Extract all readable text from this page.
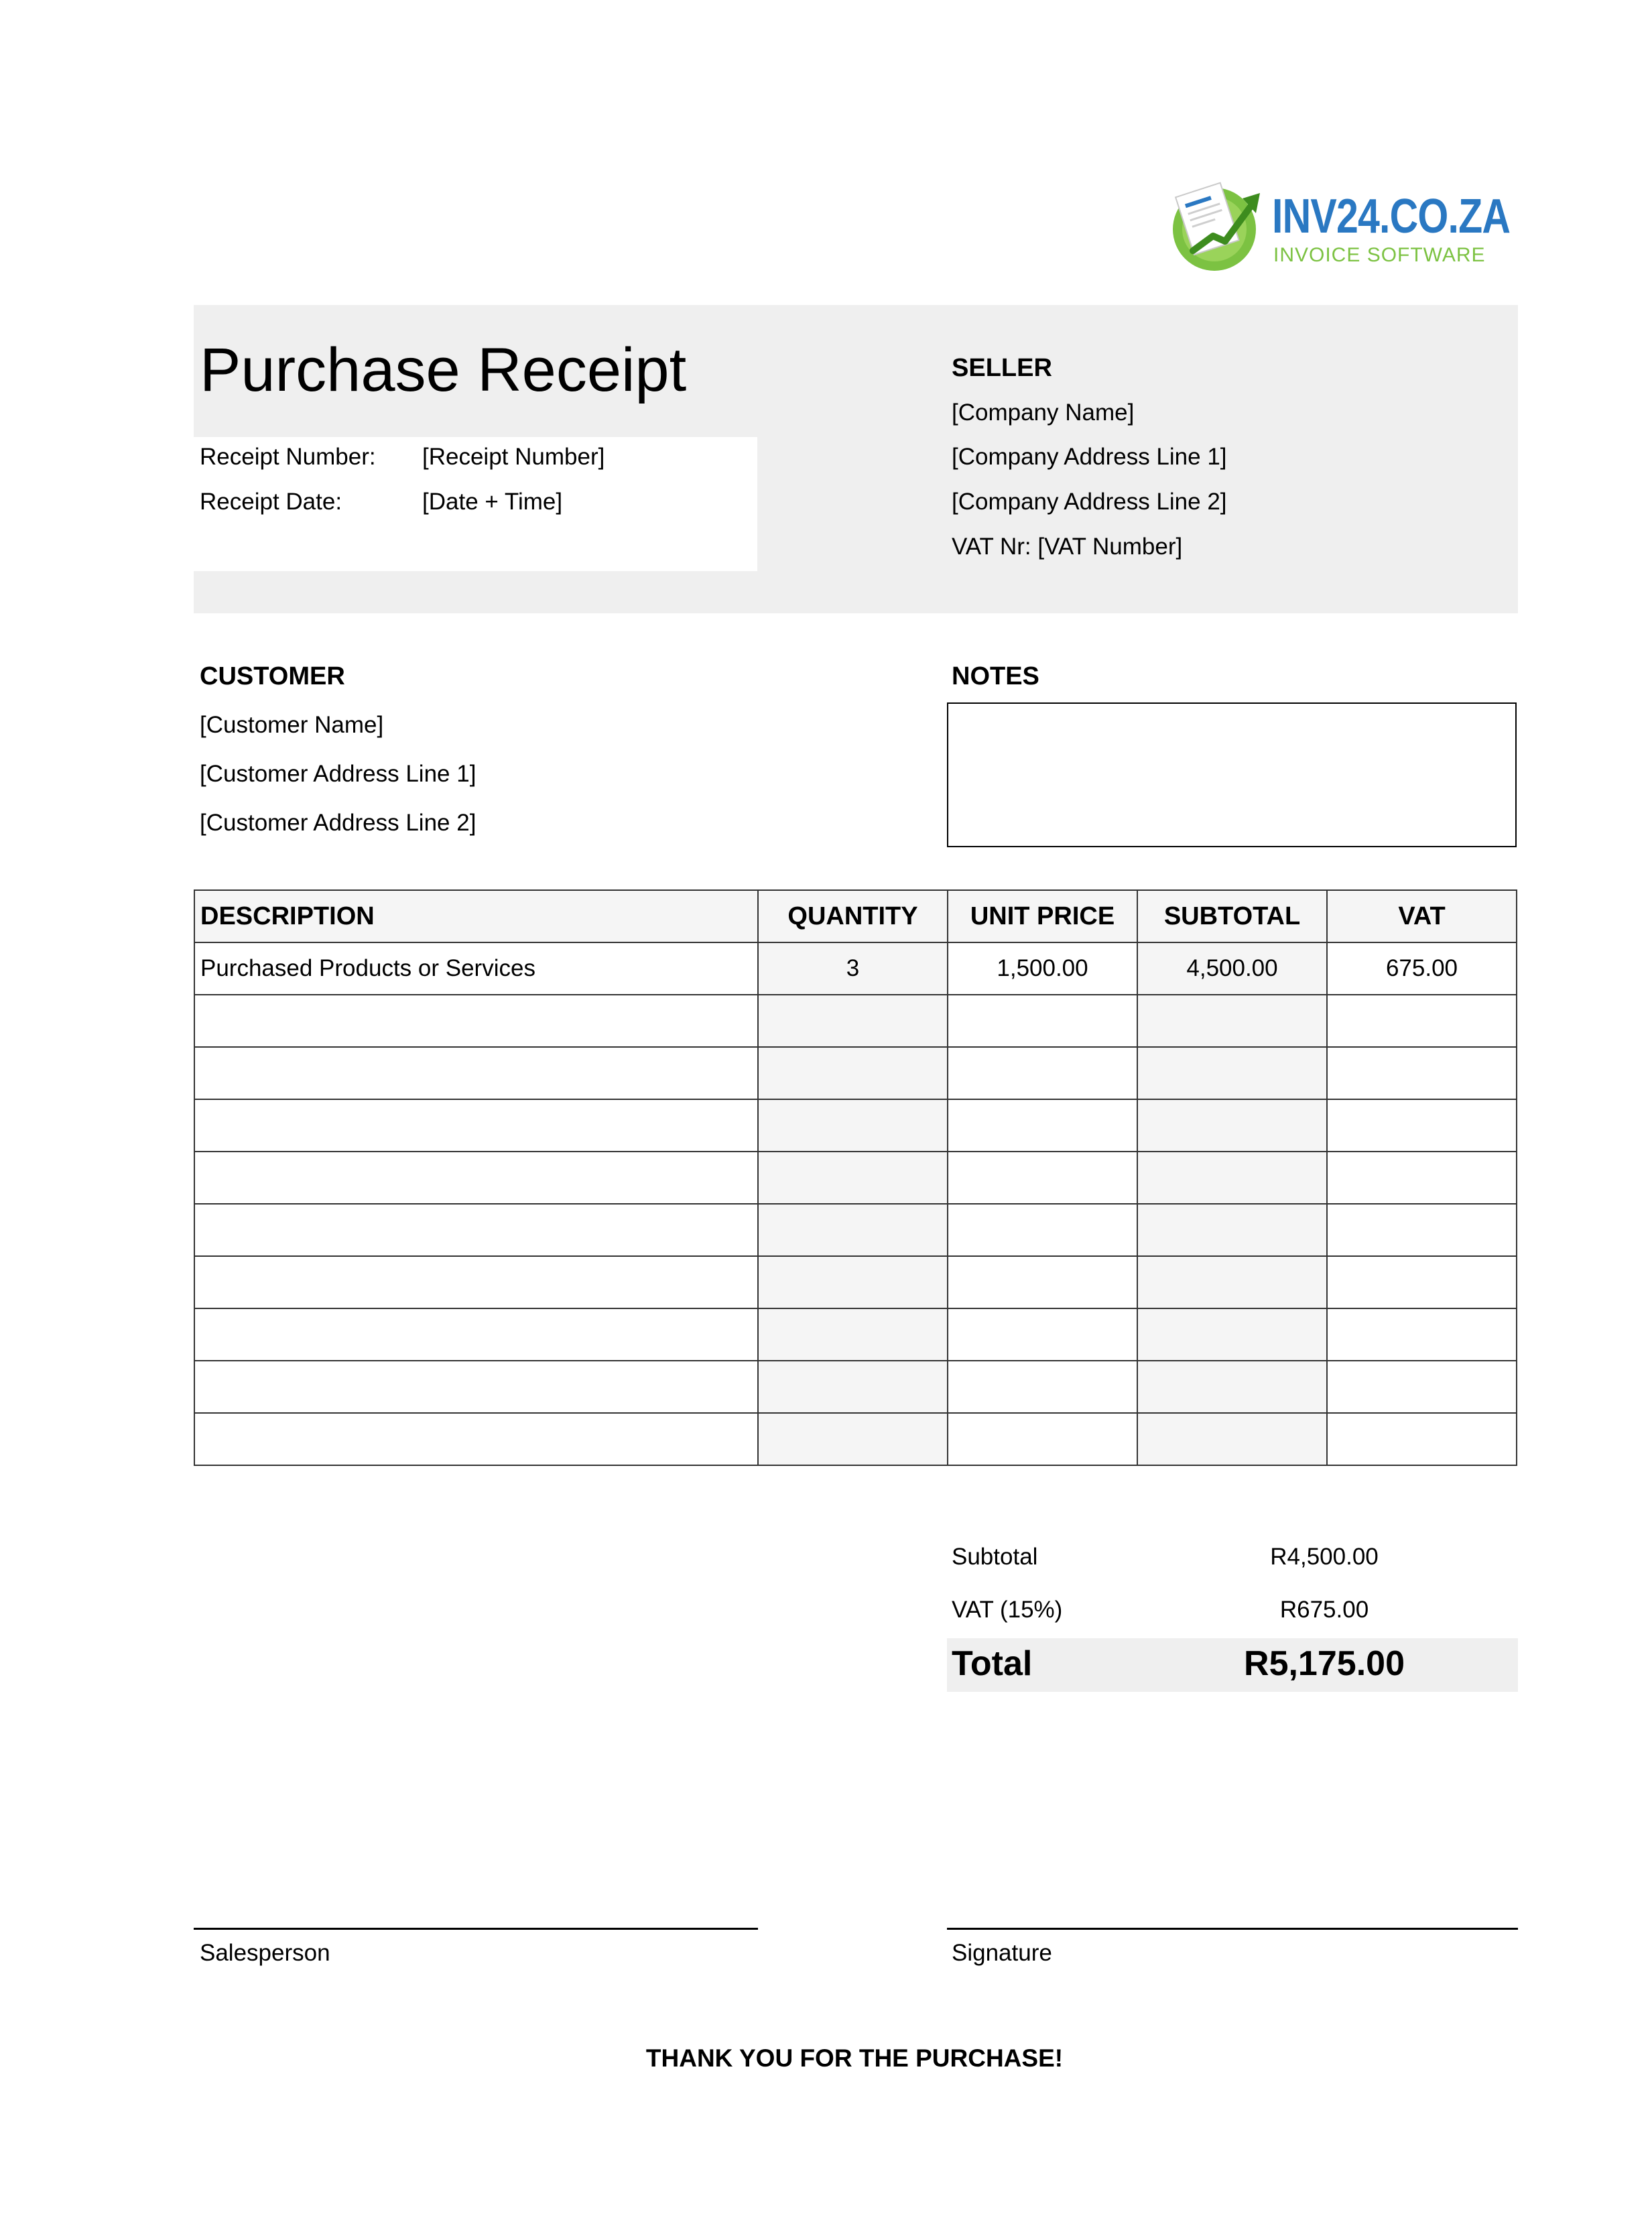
INV24.CO.ZA
INVOICE SOFTWARE
Purchase Receipt
Receipt Number: [Receipt Number]
Receipt Date:	[Date + Time]
SELLER
[Company Name]
[Company Address Line 1]
[Company Address Line 2]
VAT Nr: [VAT Number]
CUSTOMER
[Customer Name]
[Customer Address Line 1]
[Customer Address Line 2]
NOTES
DESCRIPTION	QUANTITY	UNIT PRICE	SUBTOTAL	VAT
Purchased Products or Services	3	1,500.00	4,500.00	675.00

Subtotal	R4,500.00
VAT (15%)	R675.00
Total	R5,175.00
Salesperson	Signature
THANK YOU FOR THE PURCHASE!
